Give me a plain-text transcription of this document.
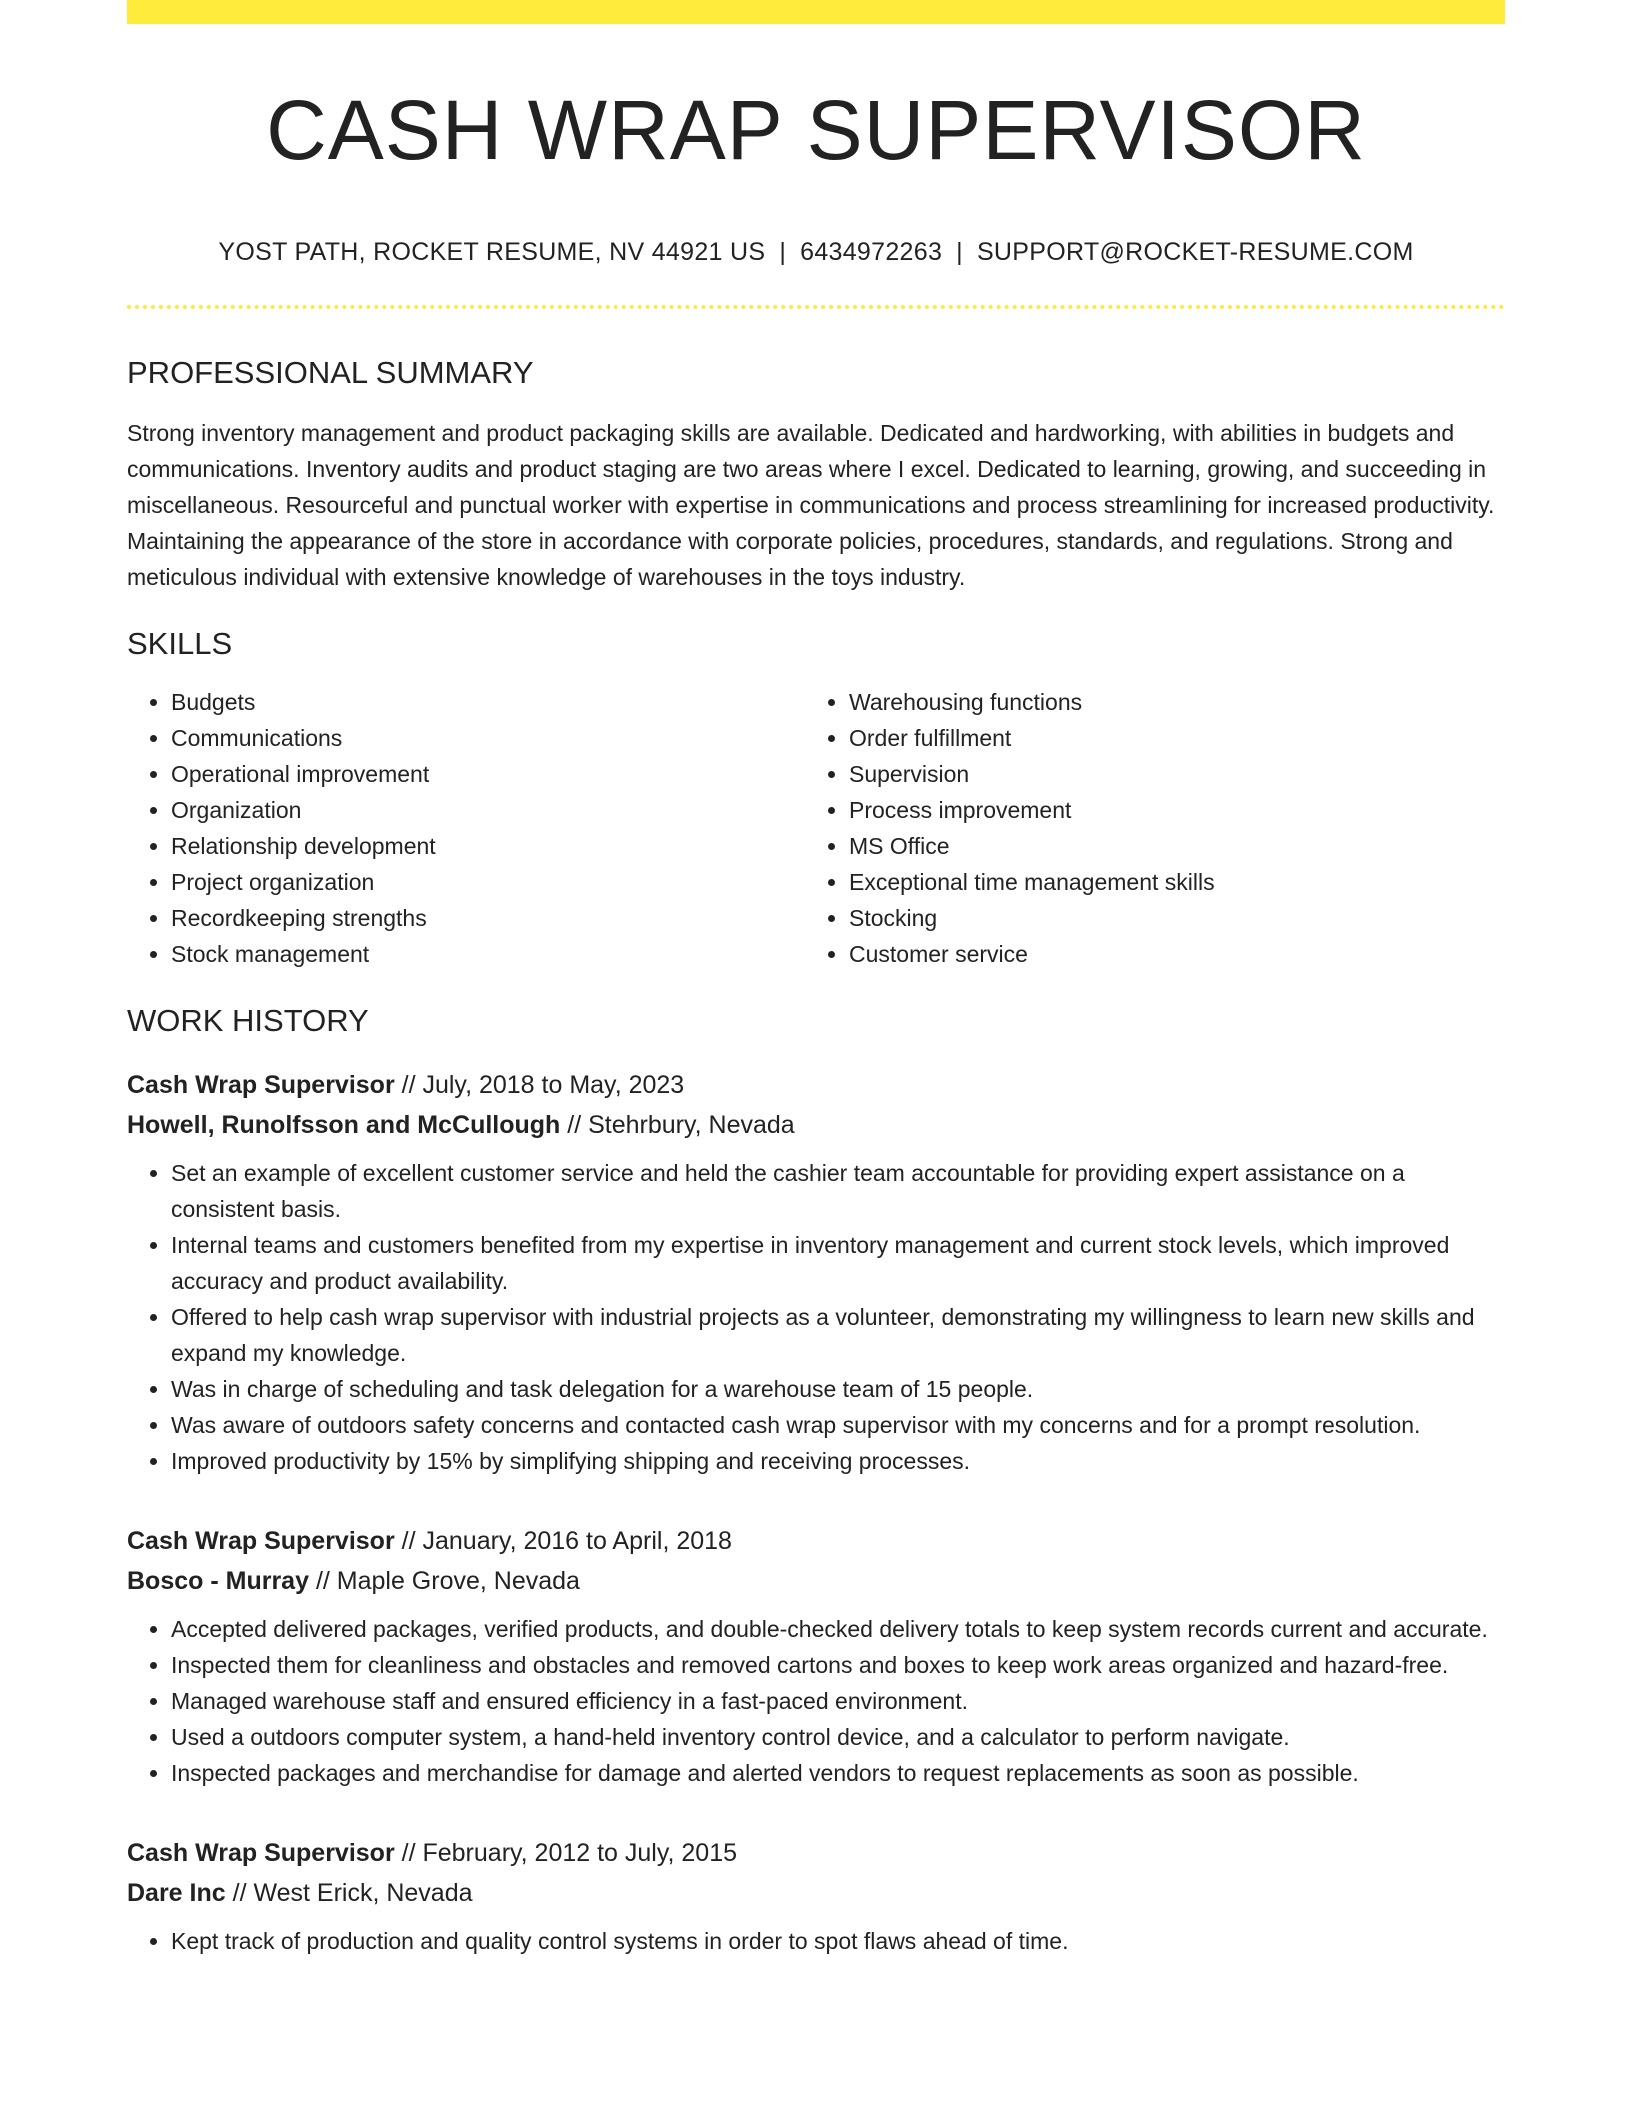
CASH WRAP SUPERVISOR
YOST PATH, ROCKET RESUME, NV 44921 US | 6434972263 | SUPPORT@ROCKET-RESUME.COM
PROFESSIONAL SUMMARY

Strong inventory management and product packaging skills are available. Dedicated and hardworking, with abilities in budgets and communications. Inventory audits and product staging are two areas where I excel. Dedicated to learning, growing, and succeeding in miscellaneous. Resourceful and punctual worker with expertise in communications and process streamlining for increased productivity. Maintaining the appearance of the store in accordance with corporate policies, procedures, standards, and regulations. Strong and meticulous individual with extensive knowledge of warehouses in the toys industry.

SKILLS
• Budgets
• Communications
• Operational improvement
• Organization
• Relationship development
• Project organization
• Recordkeeping strengths
• Stock management
• Warehousing functions
• Order fulfillment
• Supervision
• Process improvement
• MS Office
• Exceptional time management skills
• Stocking
• Customer service
WORK HISTORY
Cash Wrap Supervisor // July, 2018 to May, 2023
Howell, Runolfsson and McCullough // Stehrbury, Nevada
• Set an example of excellent customer service and held the cashier team accountable for providing expert assistance on a consistent basis.
• Internal teams and customers benefited from my expertise in inventory management and current stock levels, which improved accuracy and product availability.
• Offered to help cash wrap supervisor with industrial projects as a volunteer, demonstrating my willingness to learn new skills and expand my knowledge.
• Was in charge of scheduling and task delegation for a warehouse team of 15 people.
• Was aware of outdoors safety concerns and contacted cash wrap supervisor with my concerns and for a prompt resolution.
• Improved productivity by 15% by simplifying shipping and receiving processes.
Cash Wrap Supervisor // January, 2016 to April, 2018
Bosco - Murray // Maple Grove, Nevada
• Accepted delivered packages, verified products, and double-checked delivery totals to keep system records current and accurate.
• Inspected them for cleanliness and obstacles and removed cartons and boxes to keep work areas organized and hazard-free.
• Managed warehouse staff and ensured efficiency in a fast-paced environment.
• Used a outdoors computer system, a hand-held inventory control device, and a calculator to perform navigate.
• Inspected packages and merchandise for damage and alerted vendors to request replacements as soon as possible.
Cash Wrap Supervisor // February, 2012 to July, 2015
Dare Inc // West Erick, Nevada
• Kept track of production and quality control systems in order to spot flaws ahead of time.
